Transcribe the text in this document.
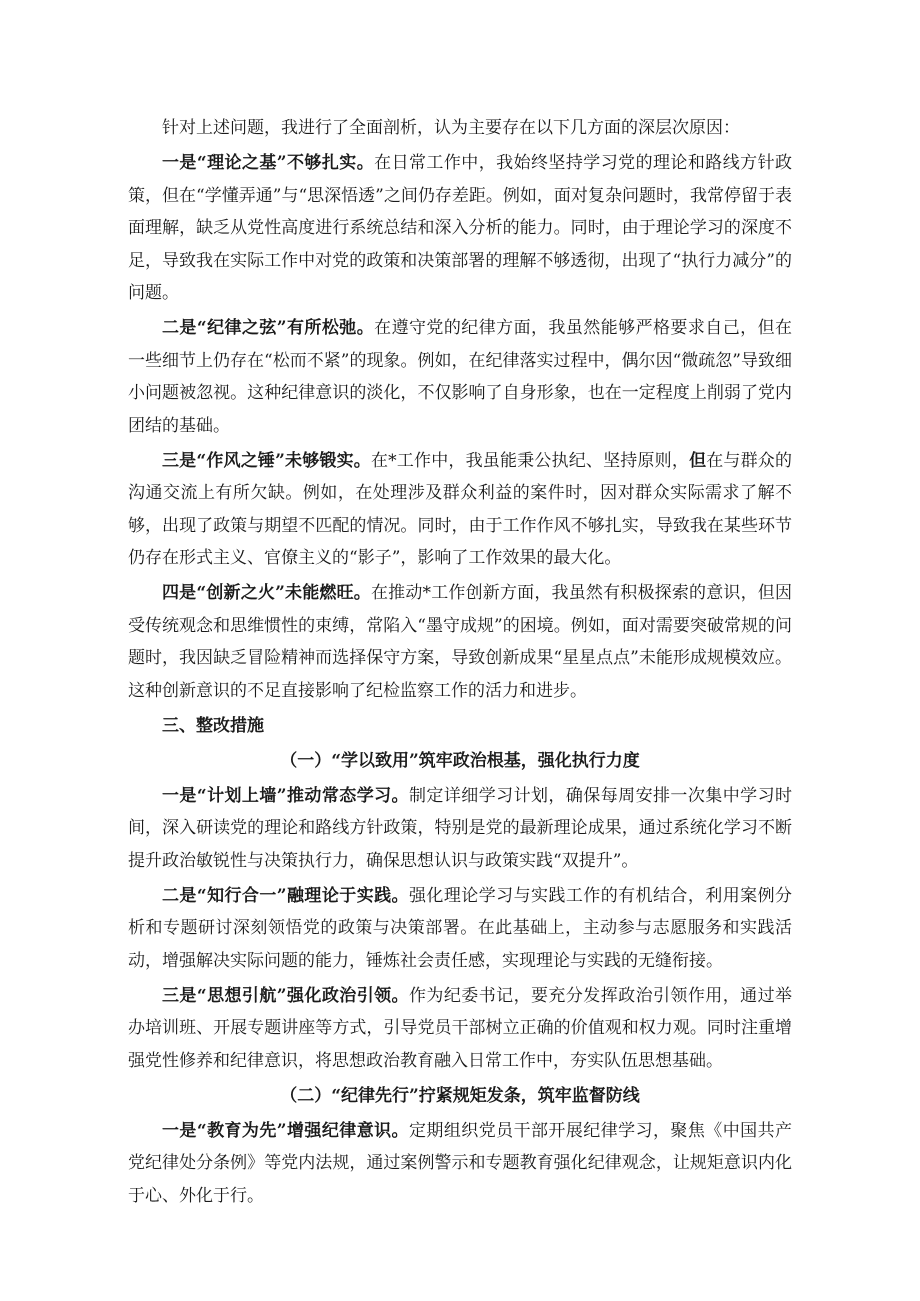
针对上述问题，我进行了全面剖析，认为主要存在以下几方面的深层次原因：

一是“理论之基”不够扎实。在日常工作中，我始终坚持学习党的理论和路线方针政策，但在“学懂弄通”与“思深悟透”之间仍存差距。例如，面对复杂问题时，我常停留于表面理解，缺乏从党性高度进行系统总结和深入分析的能力。同时，由于理论学习的深度不足，导致我在实际工作中对党的政策和决策部署的理解不够透彻，出现了“执行力减分”的问题。

二是“纪律之弦”有所松弛。在遵守党的纪律方面，我虽然能够严格要求自己，但在一些细节上仍存在“松而不紧”的现象。例如，在纪律落实过程中，偶尔因“微疏忽”导致细小问题被忽视。这种纪律意识的淡化，不仅影响了自身形象，也在一定程度上削弱了党内团结的基础。

三是“作风之锤”未够锻实。在*工作中，我虽能秉公执纪、坚持原则，但在与群众的沟通交流上有所欠缺。例如，在处理涉及群众利益的案件时，因对群众实际需求了解不够，出现了政策与期望不匹配的情况。同时，由于工作作风不够扎实，导致我在某些环节仍存在形式主义、官僚主义的“影子”，影响了工作效果的最大化。

四是“创新之火”未能燃旺。在推动*工作创新方面，我虽然有积极探索的意识，但因受传统观念和思维惯性的束缚，常陷入“墨守成规”的困境。例如，面对需要突破常规的问题时，我因缺乏冒险精神而选择保守方案，导致创新成果“星星点点”未能形成规模效应。这种创新意识的不足直接影响了纪检监察工作的活力和进步。

三、整改措施

（一）“学以致用”筑牢政治根基，强化执行力度

一是“计划上墙”推动常态学习。制定详细学习计划，确保每周安排一次集中学习时间，深入研读党的理论和路线方针政策，特别是党的最新理论成果，通过系统化学习不断提升政治敏锐性与决策执行力，确保思想认识与政策实践“双提升”。

二是“知行合一”融理论于实践。强化理论学习与实践工作的有机结合，利用案例分析和专题研讨深刻领悟党的政策与决策部署。在此基础上，主动参与志愿服务和实践活动，增强解决实际问题的能力，锤炼社会责任感，实现理论与实践的无缝衔接。

三是“思想引航”强化政治引领。作为纪委书记，要充分发挥政治引领作用，通过举办培训班、开展专题讲座等方式，引导党员干部树立正确的价值观和权力观。同时注重增强党性修养和纪律意识，将思想政治教育融入日常工作中，夯实队伍思想基础。

（二）“纪律先行”拧紧规矩发条，筑牢监督防线

一是“教育为先”增强纪律意识。定期组织党员干部开展纪律学习，聚焦《中国共产党纪律处分条例》等党内法规，通过案例警示和专题教育强化纪律观念，让规矩意识内化于心、外化于行。
